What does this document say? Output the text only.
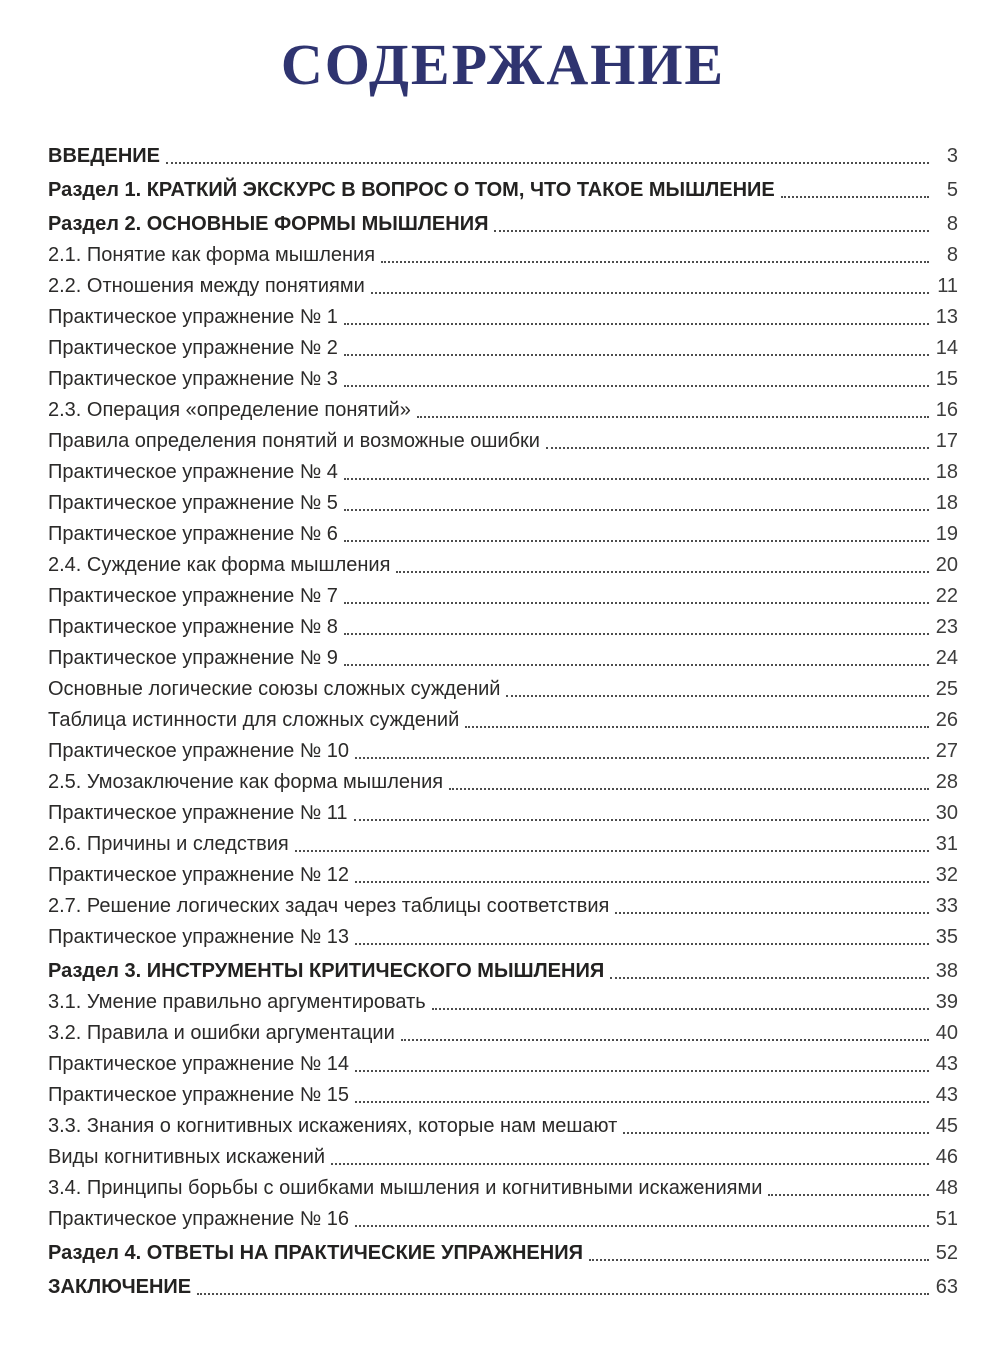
СОДЕРЖАНИЕ
ВВЕДЕНИЕ	3
Раздел 1. КРАТКИЙ ЭКСКУРС В ВОПРОС О ТОМ, ЧТО ТАКОЕ МЫШЛЕНИЕ	5
Раздел 2. ОСНОВНЫЕ ФОРМЫ МЫШЛЕНИЯ	8
2.1. Понятие как форма мышления	8
2.2. Отношения между понятиями	11
Практическое упражнение № 1	13
Практическое упражнение № 2	14
Практическое упражнение № 3	15
2.3. Операция «определение понятий»	16
Правила определения понятий и возможные ошибки	17
Практическое упражнение № 4	18
Практическое упражнение № 5	18
Практическое упражнение № 6	19
2.4. Суждение как форма мышления	20
Практическое упражнение № 7	22
Практическое упражнение № 8	23
Практическое упражнение № 9	24
Основные логические союзы сложных суждений	25
Таблица истинности для сложных суждений	26
Практическое упражнение № 10	27
2.5. Умозаключение как форма мышления	28
Практическое упражнение № 11	30
2.6. Причины и следствия	31
Практическое упражнение № 12	32
2.7. Решение логических задач через таблицы соответствия	33
Практическое упражнение № 13	35
Раздел 3. ИНСТРУМЕНТЫ КРИТИЧЕСКОГО МЫШЛЕНИЯ	38
3.1. Умение правильно аргументировать	39
3.2. Правила и ошибки аргументации	40
Практическое упражнение № 14	43
Практическое упражнение № 15	43
3.3. Знания о когнитивных искажениях, которые нам мешают	45
Виды когнитивных искажений	46
3.4. Принципы борьбы с ошибками мышления и когнитивными искажениями	48
Практическое упражнение № 16	51
Раздел 4. ОТВЕТЫ НА ПРАКТИЧЕСКИЕ УПРАЖНЕНИЯ	52
ЗАКЛЮЧЕНИЕ	63
